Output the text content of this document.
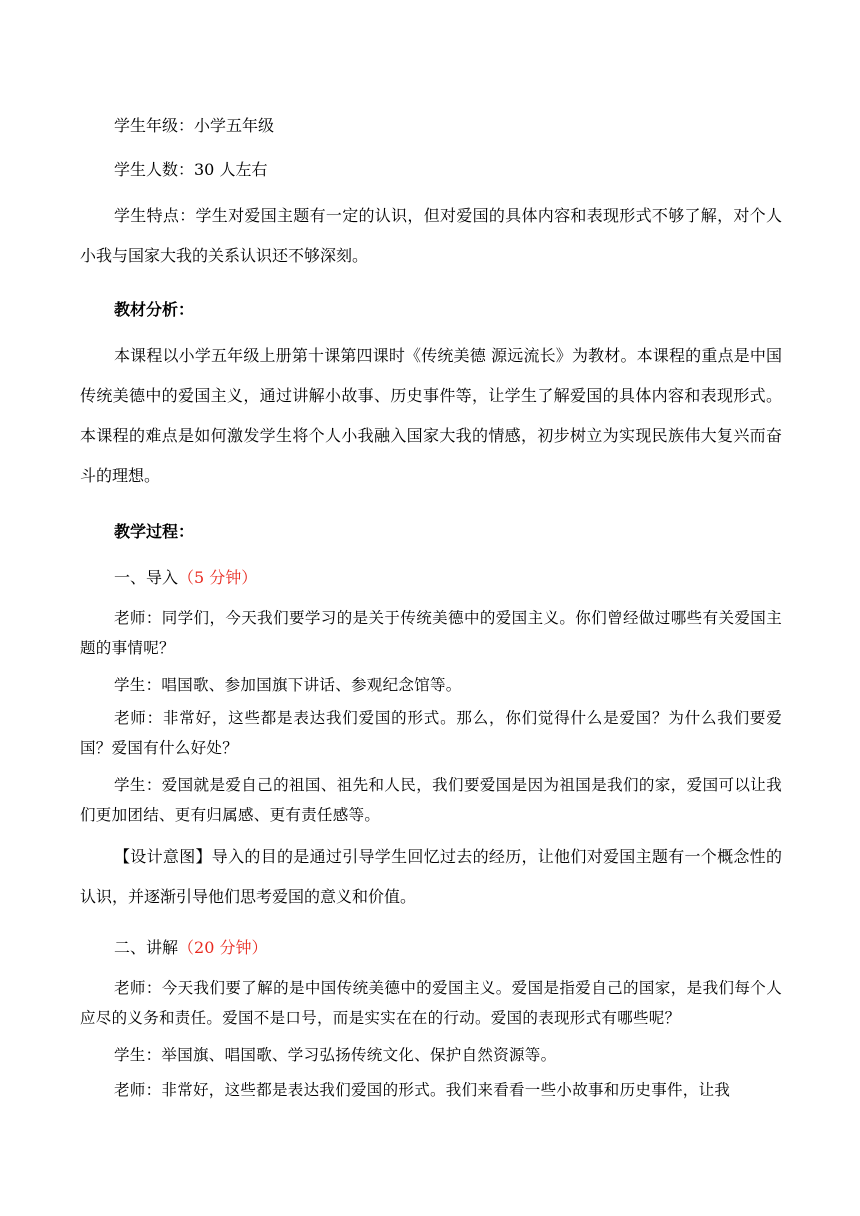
学生年级：小学五年级

学生人数：30 人左右

学生特点：学生对爱国主题有一定的认识，但对爱国的具体内容和表现形式不够了解，对个人小我与国家大我的关系认识还不够深刻。

教材分析：

本课程以小学五年级上册第十课第四课时《传统美德 源远流长》为教材。本课程的重点是中国传统美德中的爱国主义，通过讲解小故事、历史事件等，让学生了解爱国的具体内容和表现形式。本课程的难点是如何激发学生将个人小我融入国家大我的情感，初步树立为实现民族伟大复兴而奋斗的理想。

教学过程：

一、导入（5 分钟）

老师：同学们，今天我们要学习的是关于传统美德中的爱国主义。你们曾经做过哪些有关爱国主题的事情呢？

学生：唱国歌、参加国旗下讲话、参观纪念馆等。

老师：非常好，这些都是表达我们爱国的形式。那么，你们觉得什么是爱国？为什么我们要爱国？爱国有什么好处？

学生：爱国就是爱自己的祖国、祖先和人民，我们要爱国是因为祖国是我们的家，爱国可以让我们更加团结、更有归属感、更有责任感等。

【设计意图】导入的目的是通过引导学生回忆过去的经历，让他们对爱国主题有一个概念性的认识，并逐渐引导他们思考爱国的意义和价值。

二、讲解（20 分钟）

老师：今天我们要了解的是中国传统美德中的爱国主义。爱国是指爱自己的国家，是我们每个人应尽的义务和责任。爱国不是口号，而是实实在在的行动。爱国的表现形式有哪些呢？

学生：举国旗、唱国歌、学习弘扬传统文化、保护自然资源等。

老师：非常好，这些都是表达我们爱国的形式。我们来看看一些小故事和历史事件，让我
